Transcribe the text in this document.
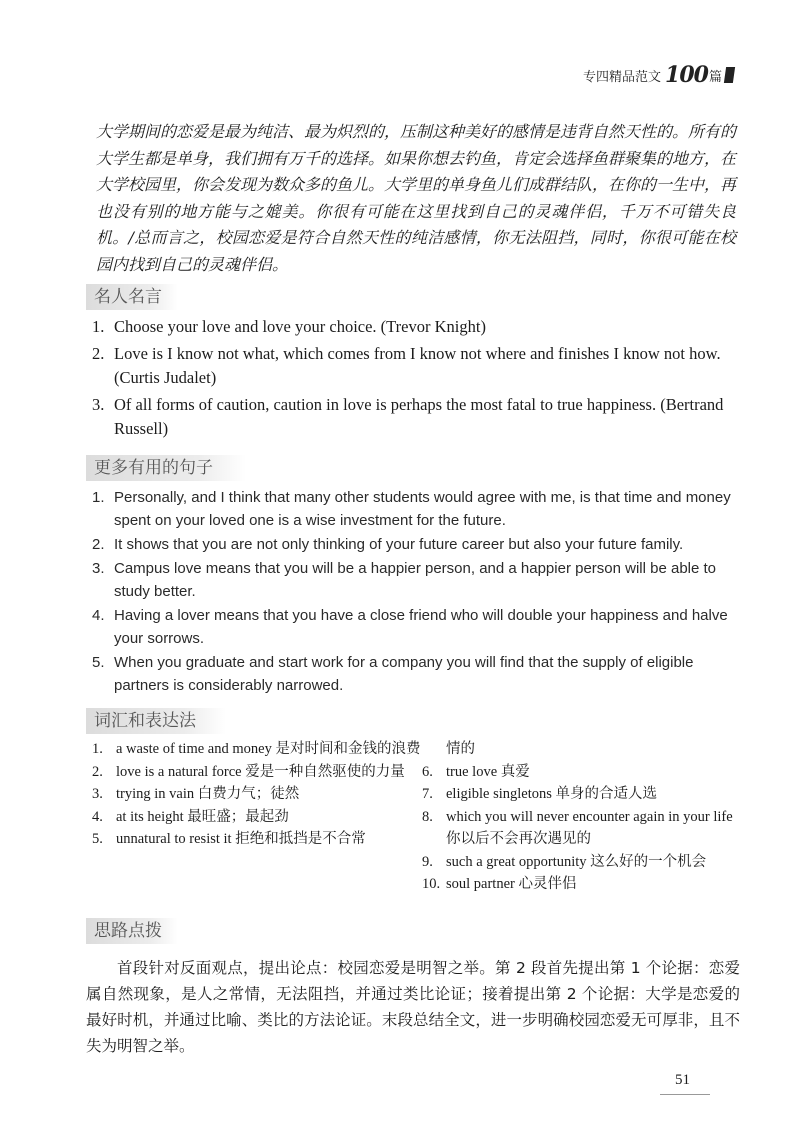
专四精品范文 100 篇

大学期间的恋爱是最为纯洁、最为炽烈的，压制这种美好的感情是违背自然天性的。所有的大学生都是单身，我们拥有万千的选择。如果你想去钓鱼，肯定会选择鱼群聚集的地方，在大学校园里，你会发现为数众多的鱼儿。大学里的单身鱼儿们成群结队，在你的一生中，再也没有别的地方能与之媲美。你很有可能在这里找到自己的灵魂伴侣，千万不可错失良机。/总而言之，校园恋爱是符合自然天性的纯洁感情，你无法阻挡，同时，你很可能在校园内找到自己的灵魂伴侣。

名人名言
1. Choose your love and love your choice. (Trevor Knight)
2. Love is I know not what, which comes from I know not where and finishes I know not how. (Curtis Judalet)
3. Of all forms of caution, caution in love is perhaps the most fatal to true happiness. (Bertrand Russell)
更多有用的句子
1. Personally, and I think that many other students would agree with me, is that time and money spent on your loved one is a wise investment for the future.
2. It shows that you are not only thinking of your future career but also your future family.
3. Campus love means that you will be a happier person, and a happier person will be able to study better.
4. Having a lover means that you have a close friend who will double your happiness and halve your sorrows.
5. When you graduate and start work for a company you will find that the supply of eligible partners is considerably narrowed.
词汇和表达法
1. a waste of time and money 是对时间和金钱的浪费
2. love is a natural force 爱是一种自然驱使的力量
3. trying in vain 白费力气；徒然
4. at its height 最旺盛；最起劲
5. unnatural to resist it 拒绝和抵挡是不合常
情的
6. true love 真爱
7. eligible singletons 单身的合适人选
8. which you will never encounter again in your life 你以后不会再次遇见的
9. such a great opportunity 这么好的一个机会
10. soul partner 心灵伴侣
思路点拨

首段针对反面观点，提出论点：校园恋爱是明智之举。第 2 段首先提出第 1 个论据：恋爱属自然现象，是人之常情，无法阻挡，并通过类比论证；接着提出第 2 个论据：大学是恋爱的最好时机，并通过比喻、类比的方法论证。末段总结全文，进一步明确校园恋爱无可厚非，且不失为明智之举。

51
